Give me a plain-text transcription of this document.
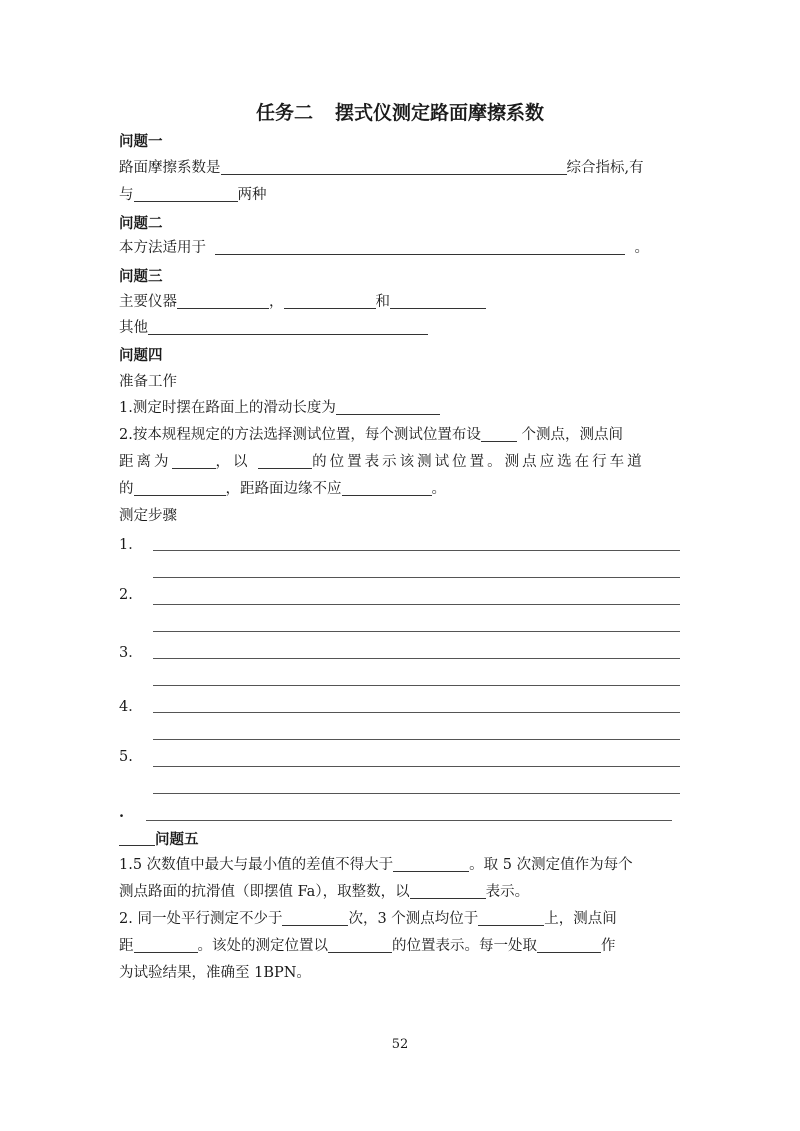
任务二 摆式仪测定路面摩擦系数
问题一
路面摩擦系数是	综合指标,有
与	两种
问题二
本方法适用于	。
问题三
主要仪器	，	和
其他
问题四
准备工作
1.测定时摆在路面上的滑动长度为
2.按本规程规定的方法选择测试位置，每个测试位置布设 个测点，测点间
距离为	，以	的位置表示该测试位置。测点应选在行车道
的	，距路面边缘不应	。
测定步骤
1．
2.
3．
4．
5.
.
问题五
1.5 次数值中最大与最小值的差值不得大于	。取 5 次测定值作为每个
测点路面的抗滑值（即摆值 Fa），取整数，以	表示。
2. 同一处平行测定不少于	次，3 个测点均位于	上，测点间
距	。该处的测定位置以	的位置表示。每一处取	作
为试验结果，准确至 1BPN。
52
